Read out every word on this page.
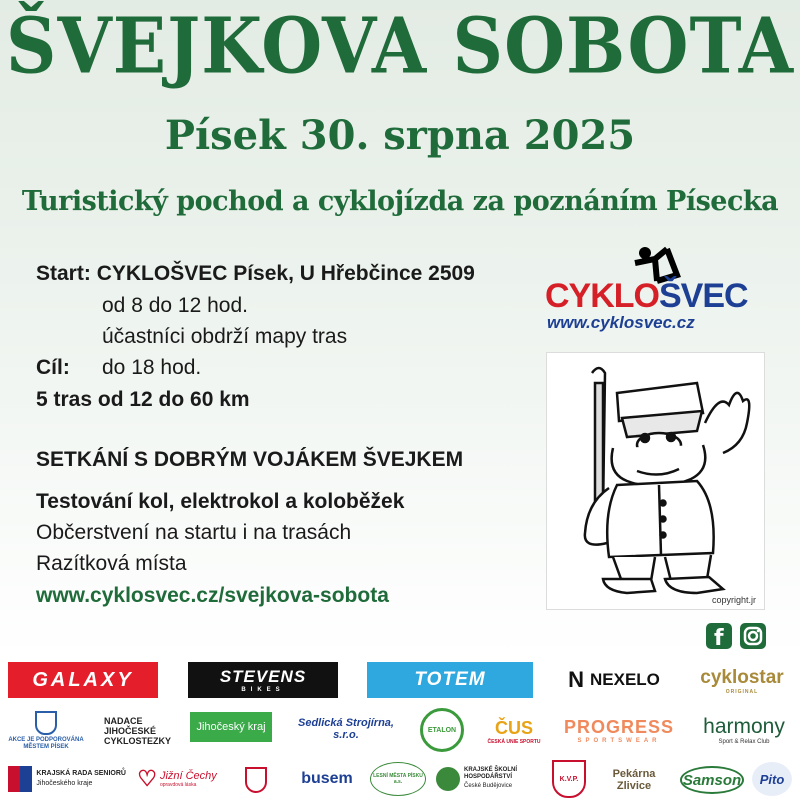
ŠVEJKOVA SOBOTA
Písek 30. srpna 2025
Turistický pochod a cyklojízda za poznáním Písecka
Start: CYKLOŠVEC Písek, U Hřebčince 2509
od 8 do 12 hod.
účastníci obdrží mapy tras
Cíl: do 18 hod.
5 tras od 12 do 60 km
SETKÁNÍ S DOBRÝM VOJÁKEM ŠVEJKEM
Testování kol, elektrokol a koloběžek
Občerstvení na startu i na trasách
Razítková místa
www.cyklosvec.cz/svejkova-sobota
CYKLOŠVEC
www.cyklosvec.cz
copyright.jr
f
GALAXY	STEVENS
BIKES	TOTEM	N NEXELO cyklostar
ORIGINAL
AKCE JE PODPOROVÁNA MĚSTEM PÍSEK
NADACE JIHOČESKÉ CYKLOSTEZKY
Jihočeský kraj	Sedlická Strojírna, s.r.o.	ETALON	ČUS
ČESKÁ UNIE SPORTU
PROGRESS
SPORTSWEAR
harmony
Sport & Relax Club
KRAJSKÁ RADA SENIORŮ
Jihočeského kraje	♡ Jižní Čechy
opravdová láska	busem	LESNÍ MĚSTA PÍSKU a.s.
KRAJSKÉ ŠKOLNÍ HOSPODÁŘSTVÍ
České Budějovice
K.V.P.	Pekárna Zlivice	Samson	Pito
